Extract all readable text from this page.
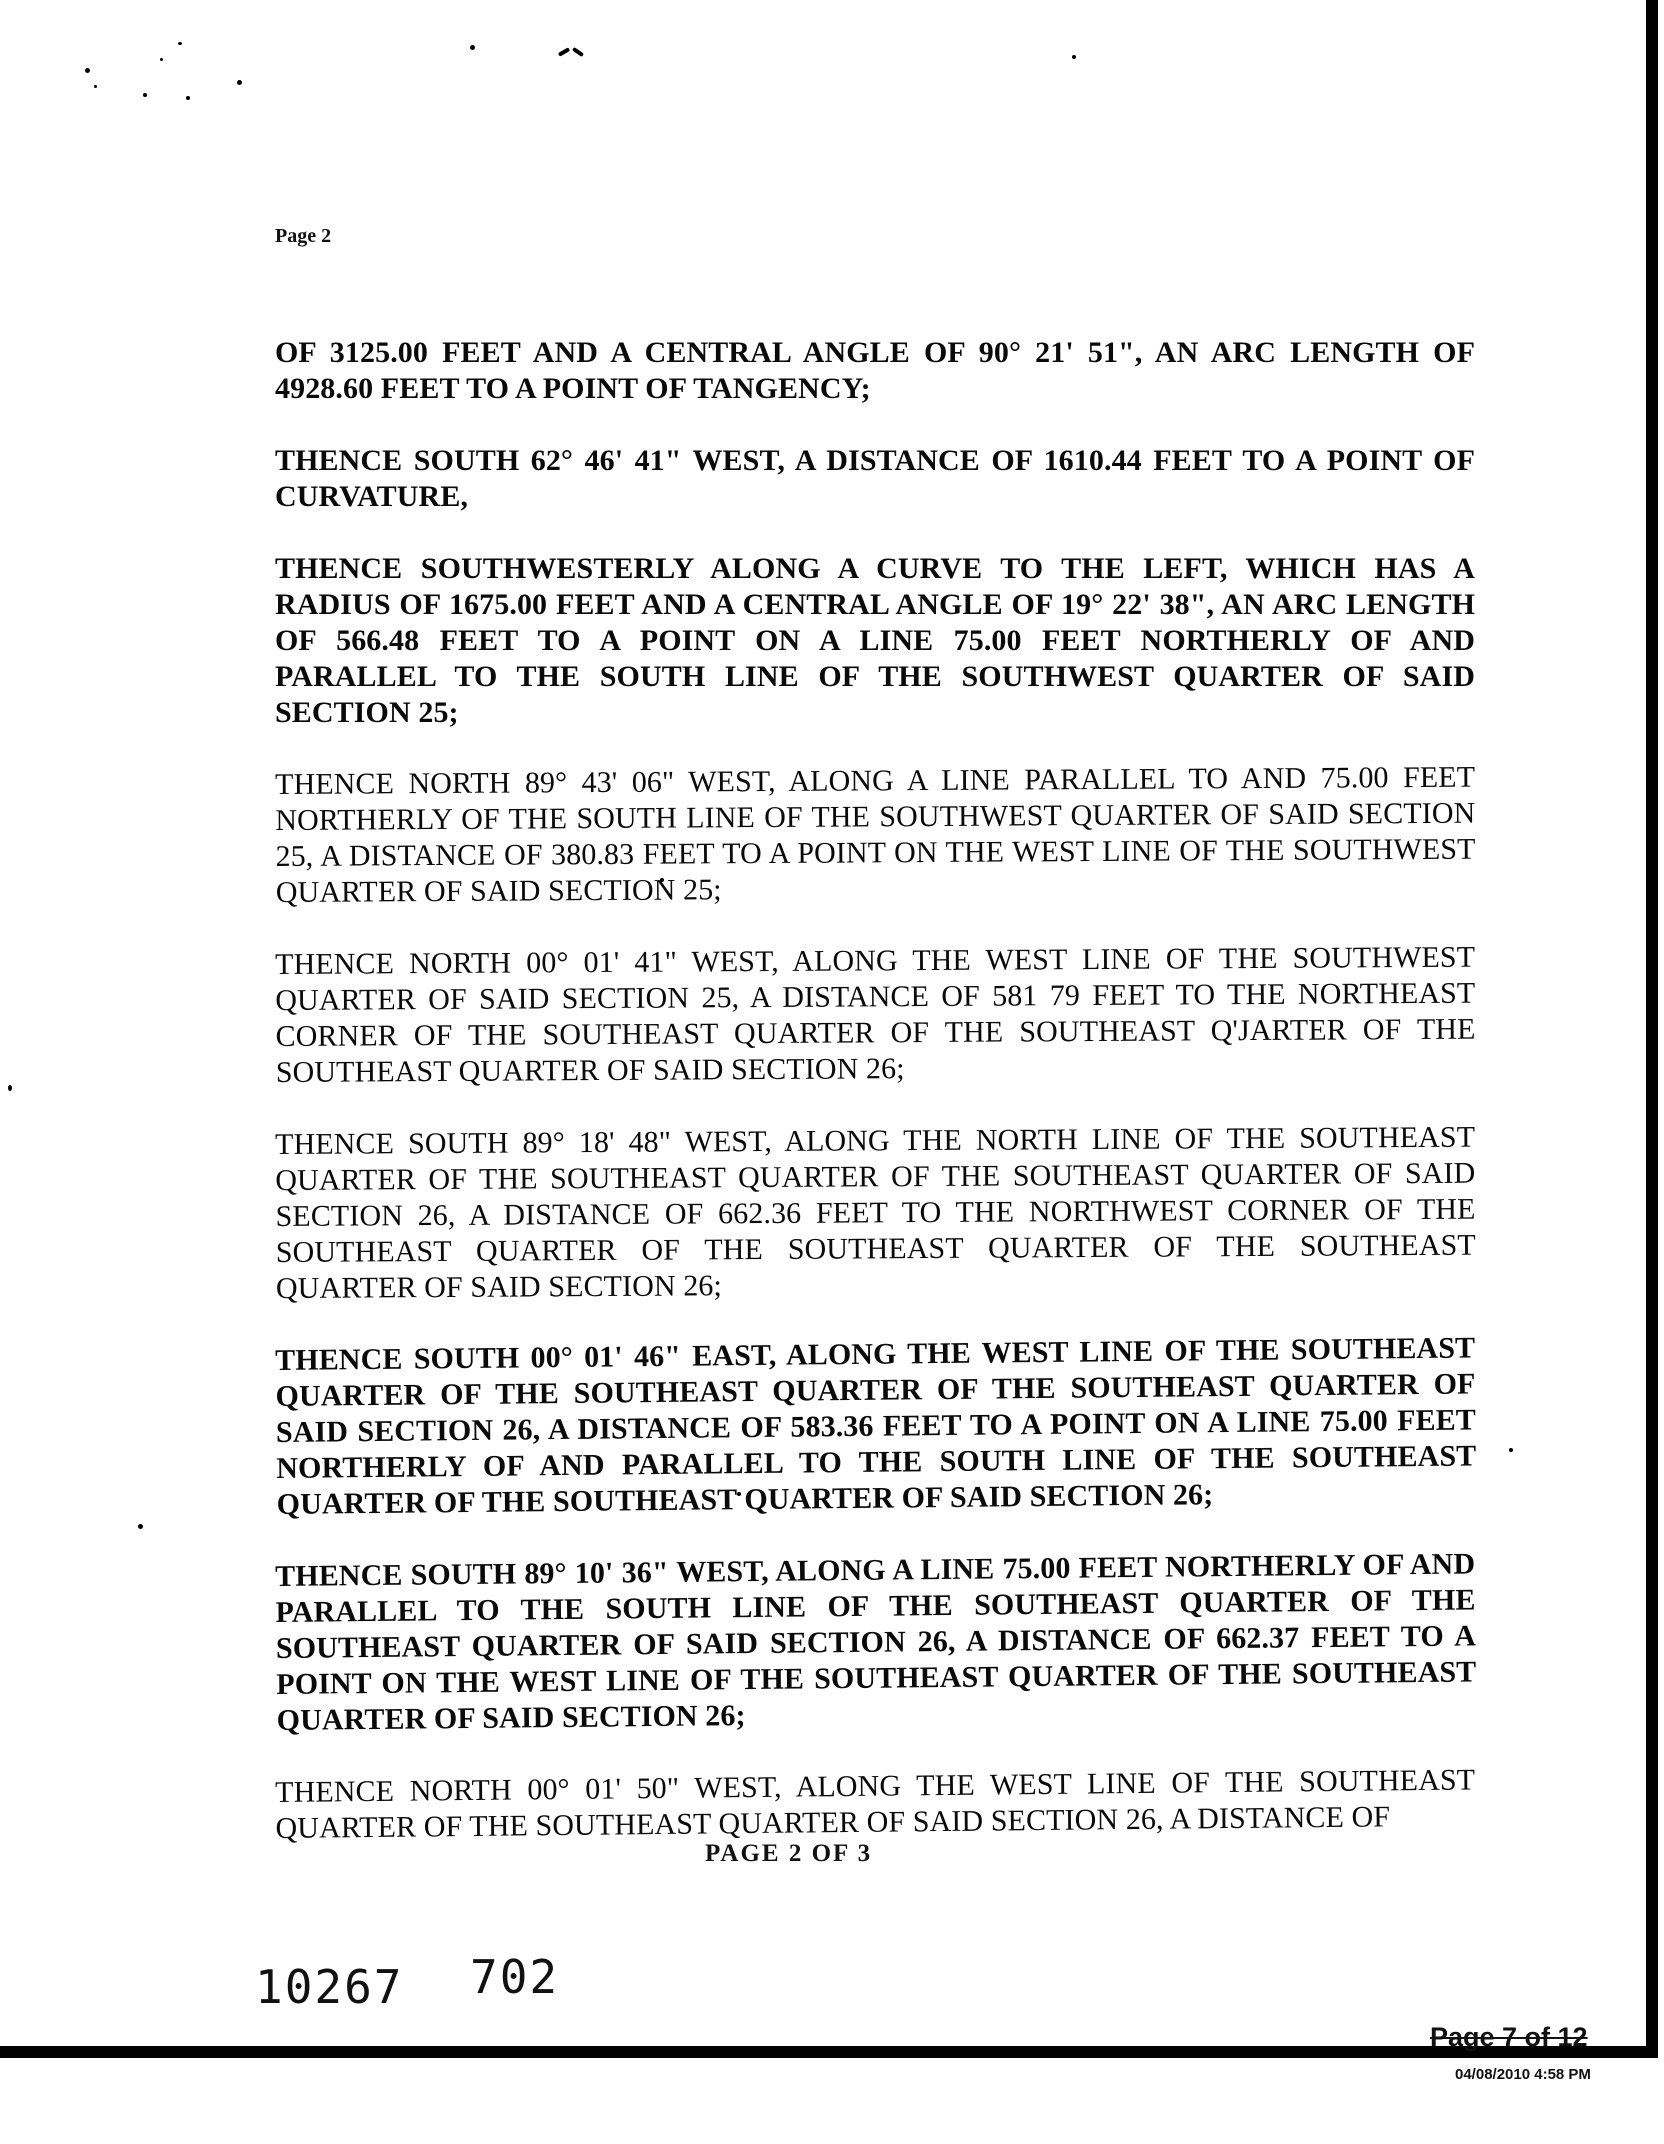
Page 2

OF 3125.00 FEET AND A CENTRAL ANGLE OF 90° 21' 51", AN ARC LENGTH OF 4928.60 FEET TO A POINT OF TANGENCY;

THENCE SOUTH 62° 46' 41" WEST, A DISTANCE OF 1610.44 FEET TO A POINT OF CURVATURE,

THENCE SOUTHWESTERLY ALONG A CURVE TO THE LEFT, WHICH HAS A RADIUS OF 1675.00 FEET AND A CENTRAL ANGLE OF 19° 22' 38", AN ARC LENGTH OF 566.48 FEET TO A POINT ON A LINE 75.00 FEET NORTHERLY OF AND PARALLEL TO THE SOUTH LINE OF THE SOUTHWEST QUARTER OF SAID SECTION 25;

THENCE NORTH 89° 43' 06" WEST, ALONG A LINE PARALLEL TO AND 75.00 FEET NORTHERLY OF THE SOUTH LINE OF THE SOUTHWEST QUARTER OF SAID SECTION 25, A DISTANCE OF 380.83 FEET TO A POINT ON THE WEST LINE OF THE SOUTHWEST QUARTER OF SAID SECTION 25;

THENCE NORTH 00° 01' 41" WEST, ALONG THE WEST LINE OF THE SOUTHWEST QUARTER OF SAID SECTION 25, A DISTANCE OF 581 79 FEET TO THE NORTHEAST CORNER OF THE SOUTHEAST QUARTER OF THE SOUTHEAST Q'JARTER OF THE SOUTHEAST QUARTER OF SAID SECTION 26;

THENCE SOUTH 89° 18' 48" WEST, ALONG THE NORTH LINE OF THE SOUTHEAST QUARTER OF THE SOUTHEAST QUARTER OF THE SOUTHEAST QUARTER OF SAID SECTION 26, A DISTANCE OF 662.36 FEET TO THE NORTHWEST CORNER OF THE SOUTHEAST QUARTER OF THE SOUTHEAST QUARTER OF THE SOUTHEAST QUARTER OF SAID SECTION 26;

THENCE SOUTH 00° 01' 46" EAST, ALONG THE WEST LINE OF THE SOUTHEAST QUARTER OF THE SOUTHEAST QUARTER OF THE SOUTHEAST QUARTER OF SAID SECTION 26, A DISTANCE OF 583.36 FEET TO A POINT ON A LINE 75.00 FEET NORTHERLY OF AND PARALLEL TO THE SOUTH LINE OF THE SOUTHEAST QUARTER OF THE SOUTHEAST QUARTER OF SAID SECTION 26;

THENCE SOUTH 89° 10' 36" WEST, ALONG A LINE 75.00 FEET NORTHERLY OF AND PARALLEL TO THE SOUTH LINE OF THE SOUTHEAST QUARTER OF THE SOUTHEAST QUARTER OF SAID SECTION 26, A DISTANCE OF 662.37 FEET TO A POINT ON THE WEST LINE OF THE SOUTHEAST QUARTER OF THE SOUTHEAST QUARTER OF SAID SECTION 26;

THENCE NORTH 00° 01' 50" WEST, ALONG THE WEST LINE OF THE SOUTHEAST QUARTER OF THE SOUTHEAST QUARTER OF SAID SECTION 26, A DISTANCE OF

PAGE 2 OF 3
10267 702
Page 7 of 12
04/08/2010 4:58 PM
